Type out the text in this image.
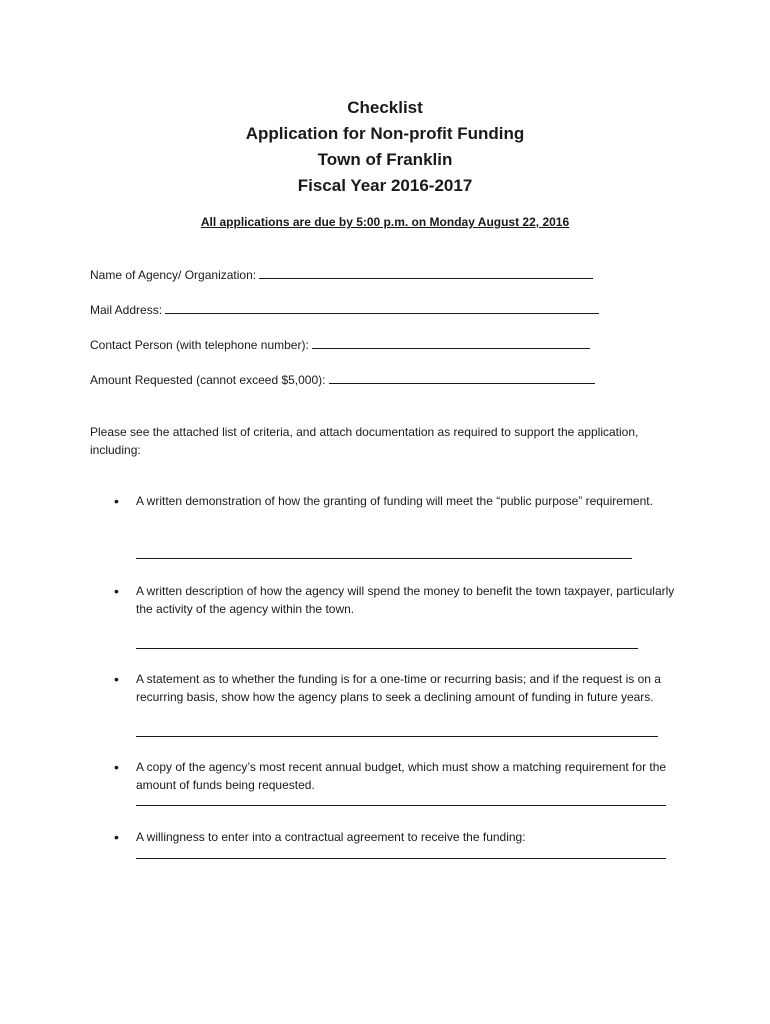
Checklist
Application for Non-profit Funding
Town of Franklin
Fiscal Year 2016-2017
All applications are due by 5:00 p.m. on Monday August 22, 2016
Name of Agency/ Organization:
Mail Address:
Contact Person (with telephone number):
Amount Requested (cannot exceed $5,000):
Please see the attached list of criteria, and attach documentation as required to support the application, including:
• A written demonstration of how the granting of funding will meet the “public purpose” requirement.
• A written description of how the agency will spend the money to benefit the town taxpayer, particularly the activity of the agency within the town.
• A statement as to whether the funding is for a one-time or recurring basis; and if the request is on a recurring basis, show how the agency plans to seek a declining amount of funding in future years.
• A copy of the agency’s most recent annual budget, which must show a matching requirement for the amount of funds being requested.
• A willingness to enter into a contractual agreement to receive the funding:
